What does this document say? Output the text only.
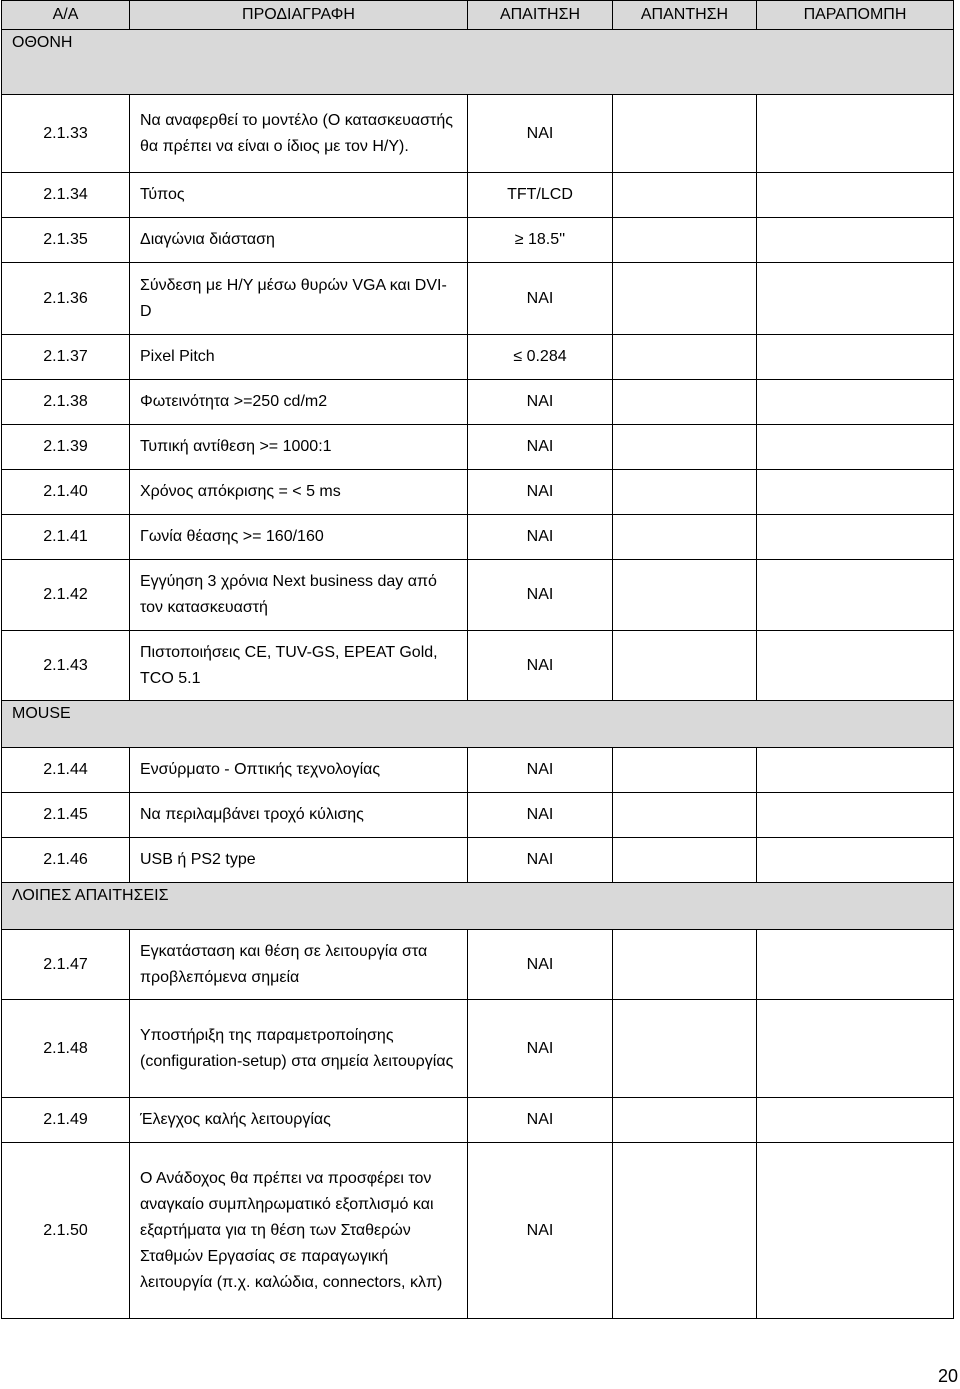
Α/Α	ΠΡΟΔΙΑΓΡΑΦΗ	ΑΠΑΙΤΗΣΗ	ΑΠΑΝΤΗΣΗ	ΠΑΡΑΠΟΜΠΗ
ΟΘΟΝΗ				
2.1.33	Να αναφερθεί το μοντέλο (Ο κατασκευαστής θα πρέπει να είναι ο ίδιος με τον Η/Υ).	ΝΑΙ		
2.1.34	Τύπος	TFT/LCD		
2.1.35	Διαγώνια διάσταση	≥ 18.5''		
2.1.36	Σύνδεση με Η/Υ μέσω θυρών VGA και DVI-D	ΝΑΙ		
2.1.37	Pixel Pitch	≤ 0.284		
2.1.38	Φωτεινότητα >=250 cd/m2	ΝΑΙ		
2.1.39	Τυπική αντίθεση >= 1000:1	ΝΑΙ		
2.1.40	Χρόνος απόκρισης = < 5 ms	ΝΑΙ		
2.1.41	Γωνία θέασης >= 160/160	ΝΑΙ		
2.1.42	Εγγύηση 3 χρόνια Next business day από τον κατασκευαστή	ΝΑΙ		
2.1.43	Πιστοποιήσεις CE, TUV-GS, EPEAT Gold, TCO 5.1	ΝΑΙ		
MOUSE				
2.1.44	Ενσύρματο - Οπτικής τεχνολογίας	ΝΑΙ		
2.1.45	Να περιλαμβάνει τροχό κύλισης	ΝΑΙ		
2.1.46	USB ή PS2 type	ΝΑΙ		
ΛΟΙΠΕΣ ΑΠΑΙΤΗΣΕΙΣ				
2.1.47	Εγκατάσταση και θέση σε λειτουργία στα προβλεπόμενα σημεία	ΝΑΙ		
2.1.48	Υποστήριξη της παραμετροποίησης (configuration-setup) στα σημεία λειτουργίας	ΝΑΙ		
2.1.49	Έλεγχος καλής λειτουργίας	ΝΑΙ		
2.1.50	Ο Ανάδοχος θα πρέπει να προσφέρει τον αναγκαίο συμπληρωματικό εξοπλισμό και εξαρτήματα για τη θέση των Σταθερών Σταθμών Εργασίας σε παραγωγική λειτουργία (π.χ. καλώδια, connectors, κλπ)	ΝΑΙ		
20
